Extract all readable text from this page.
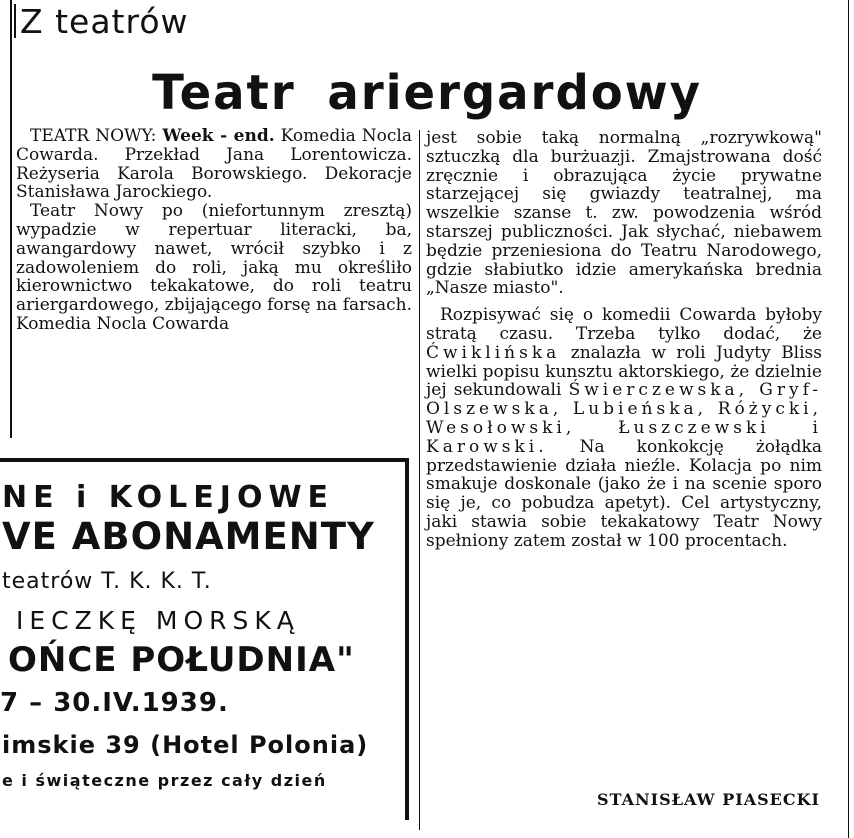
Z teatrów
Teatr ariergardowy

TEATR NOWY: Week - end. Komedia Nocla Cowarda. Przekład Jana Lorentowicza. Reżyseria Karola Borowskiego. Dekoracje Stanisława Jarockiego.

Teatr Nowy po (niefortunnym zresztą) wypadzie w repertuar literacki, ba, awangardowy nawet, wrócił szybko i z zadowoleniem do roli, jaką mu określiło kierownictwo tekakatowe, do roli teatru ariergardowego, zbijającego forsę na farsach. Komedia Nocla Cowarda

jest sobie taką normalną „rozrywkową" sztuczką dla burżuazji. Zmajstrowana dość zręcznie i obrazująca życie prywatne starzejącej się gwiazdy teatralnej, ma wszelkie szanse t. zw. powodzenia wśród starszej publiczności. Jak słychać, niebawem będzie przeniesiona do Teatru Narodowego, gdzie słabiutko idzie amerykańska brednia „Nasze miasto".

Rozpisywać się o komedii Cowarda byłoby stratą czasu. Trzeba tylko dodać, że Ćwiklińska znalazła w roli Judyty Bliss wielki popisu kunsztu aktorskiego, że dzielnie jej sekundowali Świerczewska, Gryf-Olszewska, Lubieńska, Różycki, Wesołowski, Łuszczewski i Karowski. Na konkokcję żołądka przedstawienie działa nieźle. Kolacja po nim smakuje doskonale (jako że i na scenie sporo się je, co pobudza apetyt). Cel artystyczny, jaki stawia sobie tekakatowy Teatr Nowy spełniony zatem został w 100 procentach.

STANISŁAW PIASECKI

NE i KOLEJOWE

VE ABONAMENTY

teatrów T. K. K. T.

IECZKĘ MORSKĄ

OŃCE POŁUDNIA"

7 – 30.IV.1939.

imskie 39 (Hotel Polonia)

e i świąteczne przez cały dzień
